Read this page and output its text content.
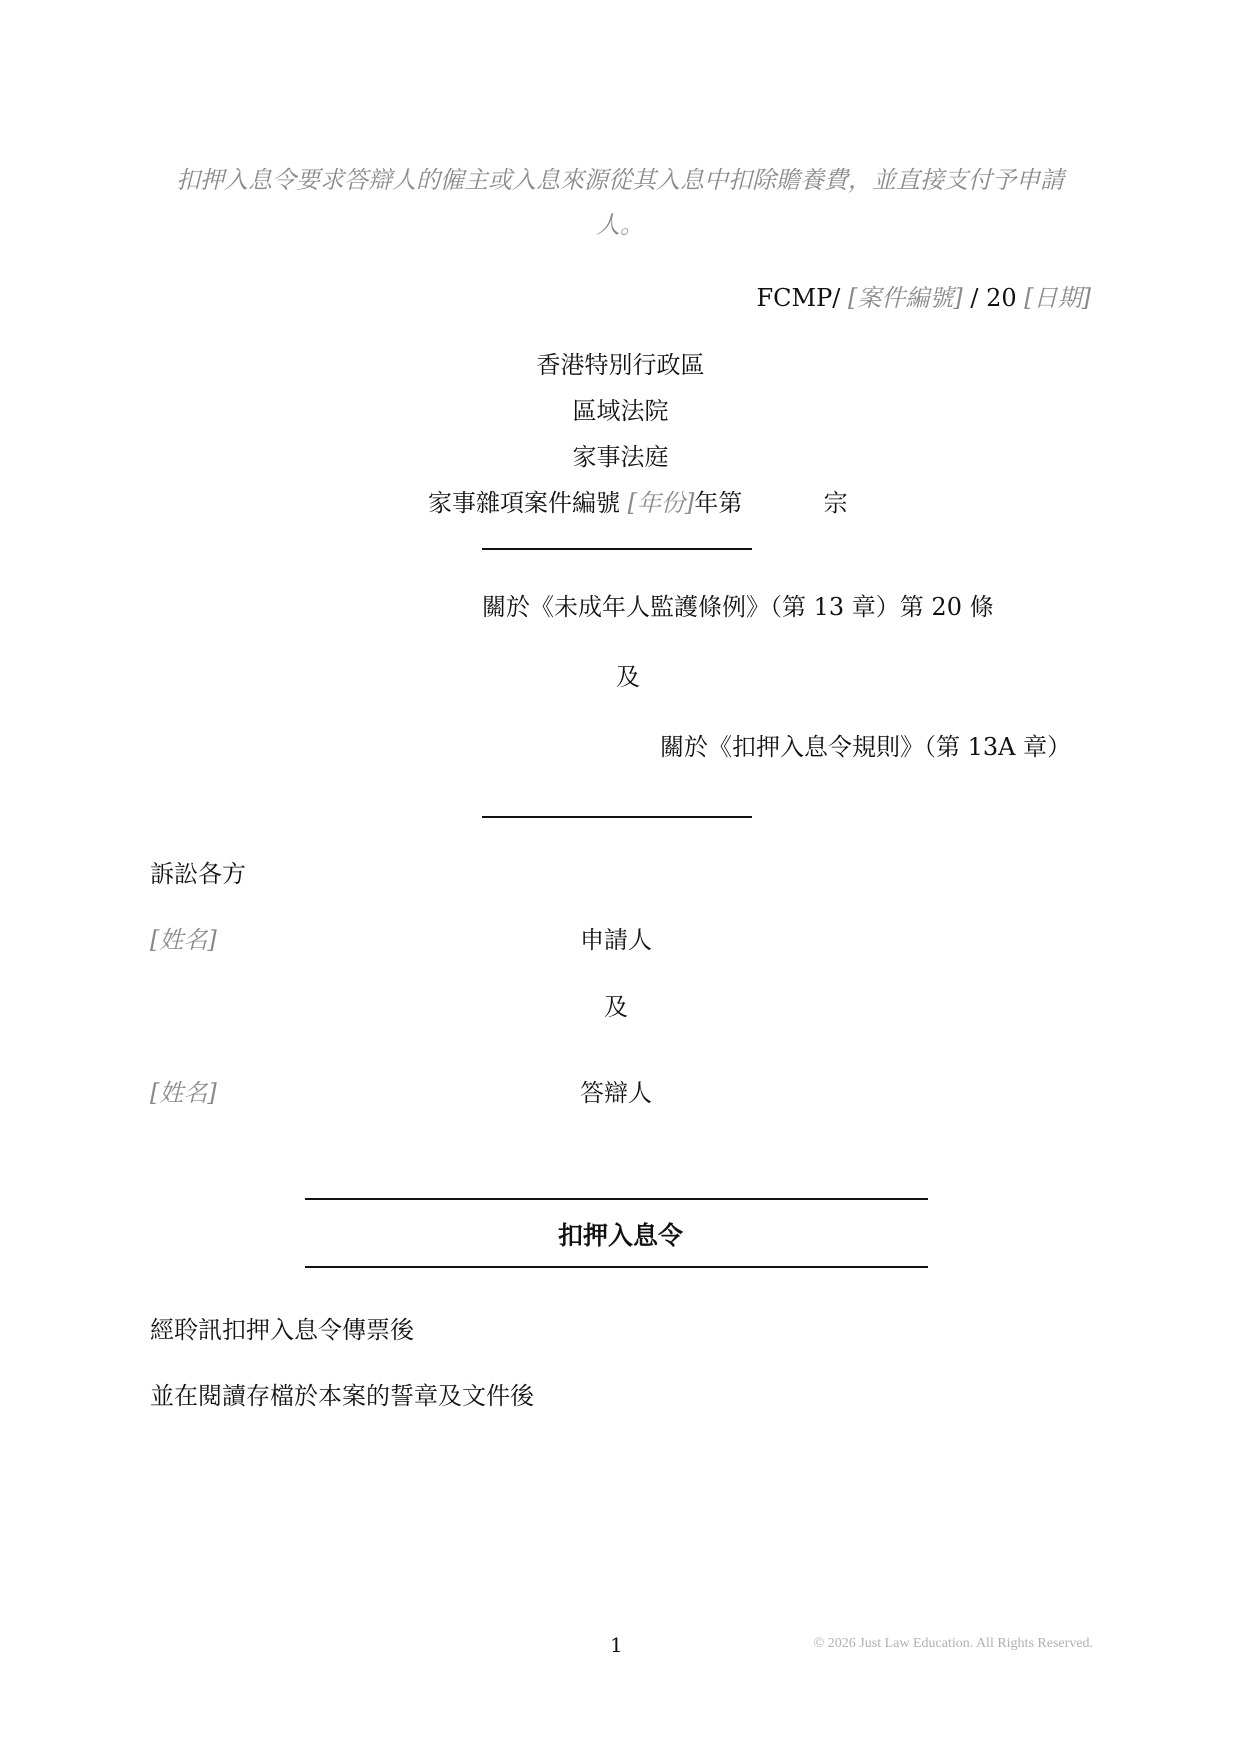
扣押入息令要求答辯人的僱主或入息來源從其入息中扣除贍養費，並直接支付予申請
人。
FCMP/ [案件編號] / 20 [日期]
香港特別行政區
區域法院
家事法庭
家事雜項案件編號 [年份]年第	宗
關於《未成年人監護條例》（第 13 章）第 20 條
及
關於《扣押入息令規則》（第 13A 章）
訴訟各方
[姓名]	申請人
及
[姓名]	答辯人
扣押入息令
經聆訊扣押入息令傳票後
並在閱讀存檔於本案的誓章及文件後
1	© 2026 Just Law Education. All Rights Reserved.
